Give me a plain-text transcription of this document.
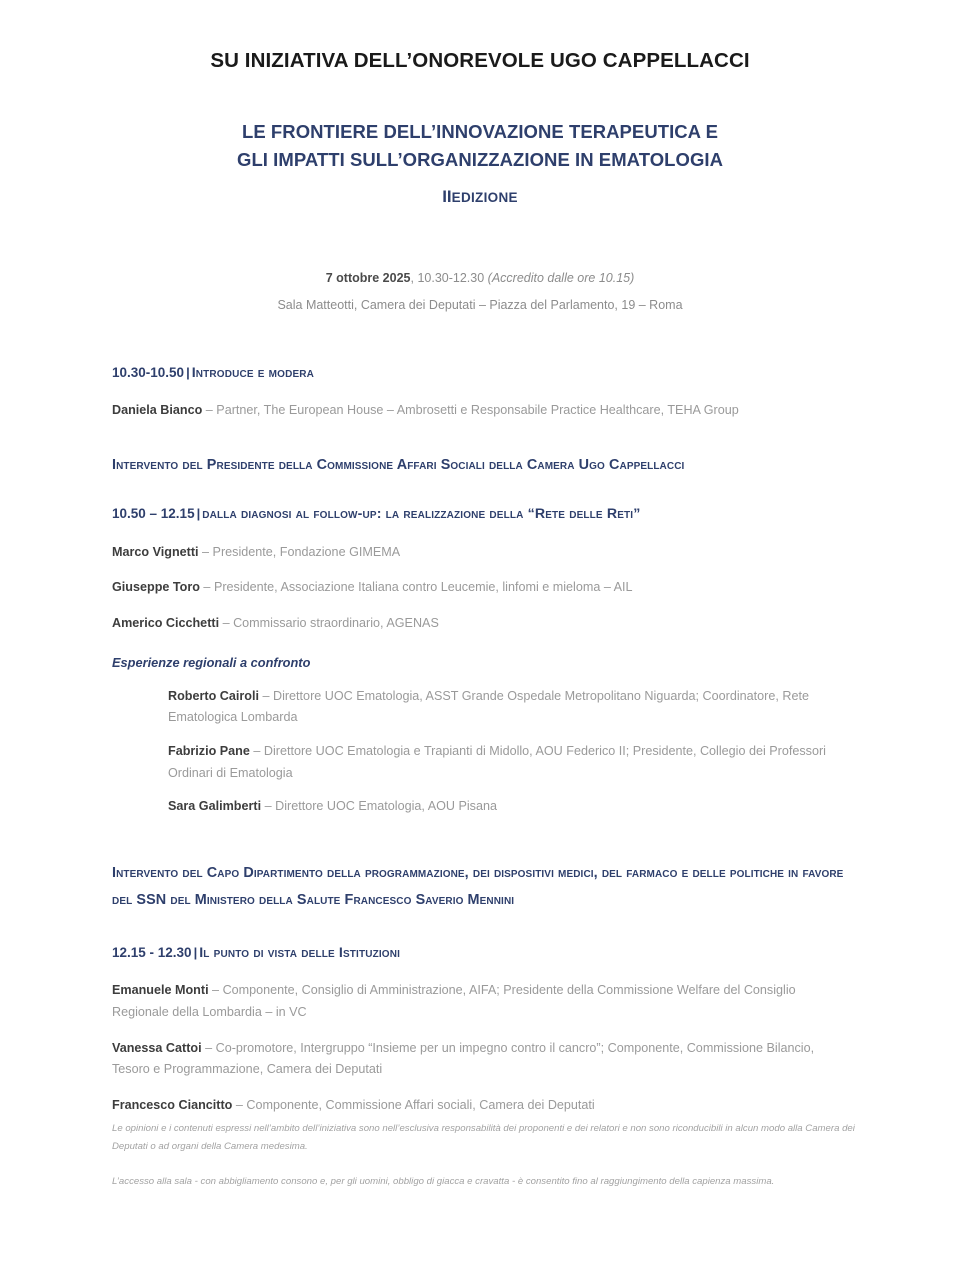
SU INIZIATIVA DELL’ONOREVOLE UGO CAPPELLACCI
LE FRONTIERE DELL’INNOVAZIONE TERAPEUTICA E
GLI IMPATTI SULL’ORGANIZZAZIONE IN EMATOLOGIA
IIEDIZIONE
7 ottobre 2025, 10.30-12.30 (Accredito dalle ore 10.15)
Sala Matteotti, Camera dei Deputati – Piazza del Parlamento, 19 – Roma
10.30-10.50 | Introduce e modera
Daniela Bianco – Partner, The European House – Ambrosetti e Responsabile Practice Healthcare, TEHA Group
Intervento del Presidente della Commissione Affari Sociali della Camera Ugo Cappellacci
10.50 – 12.15 | dalla diagnosi al follow-up: la realizzazione della “Rete delle Reti”
Marco Vignetti – Presidente, Fondazione GIMEMA
Giuseppe Toro – Presidente, Associazione Italiana contro Leucemie, linfomi e mieloma – AIL
Americo Cicchetti – Commissario straordinario, AGENAS
Esperienze regionali a confronto
Roberto Cairoli – Direttore UOC Ematologia, ASST Grande Ospedale Metropolitano Niguarda; Coordinatore, Rete Ematologica Lombarda
Fabrizio Pane – Direttore UOC Ematologia e Trapianti di Midollo, AOU Federico II; Presidente, Collegio dei Professori Ordinari di Ematologia
Sara Galimberti – Direttore UOC Ematologia, AOU Pisana
Intervento del Capo Dipartimento della programmazione, dei dispositivi medici, del farmaco e delle politiche in favore del SSN del Ministero della Salute Francesco Saverio Mennini
12.15 - 12.30 | Il punto di vista delle Istituzioni
Emanuele Monti – Componente, Consiglio di Amministrazione, AIFA; Presidente della Commissione Welfare del Consiglio Regionale della Lombardia – in VC
Vanessa Cattoi – Co-promotore, Intergruppo “Insieme per un impegno contro il cancro”; Componente, Commissione Bilancio, Tesoro e Programmazione, Camera dei Deputati
Francesco Ciancitto – Componente, Commissione Affari sociali, Camera dei Deputati

Le opinioni e i contenuti espressi nell’ambito dell’iniziativa sono nell’esclusiva responsabilità dei proponenti e dei relatori e non sono riconducibili in alcun modo alla Camera dei Deputati o ad organi della Camera medesima.

L’accesso alla sala - con abbigliamento consono e, per gli uomini, obbligo di giacca e cravatta - è consentito fino al raggiungimento della capienza massima.
